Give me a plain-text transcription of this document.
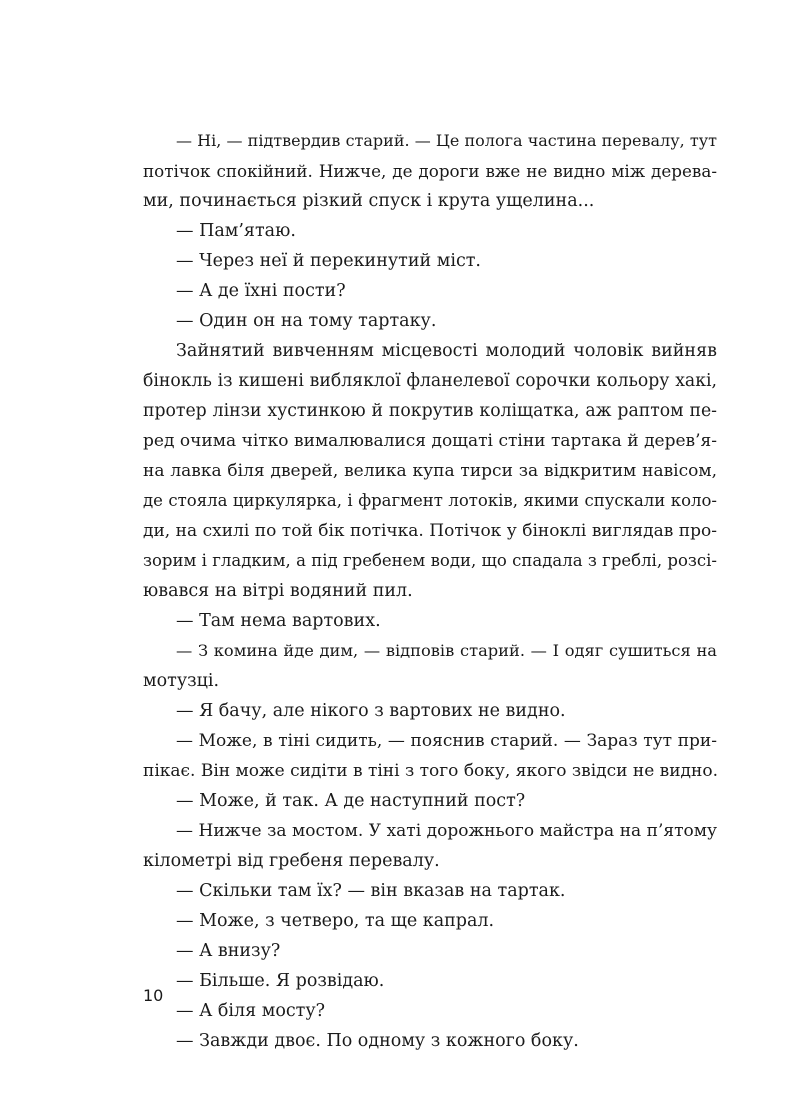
— Ні, — підтвердив старий. — Це пологa частина перевалу, тут
потічок спокійний. Нижче, де дороги вже не видно між дерева-
ми, починається різкий спуск і крута ущелина...
— Пам’ятаю.
— Через неї й перекинутий міст.
— А де їхні пости?
— Один он на тому тартаку.
Зайнятий вивченням місцевості молодий чоловік вийняв
бінокль із кишені вибляклої фланелевої сорочки кольору хакі,
протер лінзи хустинкою й покрутив коліщатка, аж раптом пе-
ред очима чітко вималювалися дощаті стіни тартака й дерев’я-
на лавка біля дверей, велика купа тирси за відкритим навісом,
де стояла циркулярка, і фрагмент лотоків, якими спускали коло-
ди, на схилі по той бік потічка. Потічок у біноклі виглядав про-
зорим і гладким, а під гребенем води, що спадала з греблі, розсі-
ювався на вітрі водяний пил.
— Там нема вартових.
— З комина йде дим, — відповів старий. — І одяг сушиться на
мотузці.
— Я бачу, але нікого з вартових не видно.
— Може, в тіні сидить, — пояснив старий. — Зараз тут при-
пікає. Він може сидіти в тіні з того боку, якого звідси не видно.
— Може, й так. А де наступний пост?
— Нижче за мостом. У хаті дорожнього майстра на п’ятому
кілометрі від гребеня перевалу.
— Скільки там їх? — він вказав на тартак.
— Може, з четверо, та ще капрал.
— А внизу?
— Більше. Я розвідаю.
— А біля мосту?
— Завжди двоє. По одному з кожного боку.
10
